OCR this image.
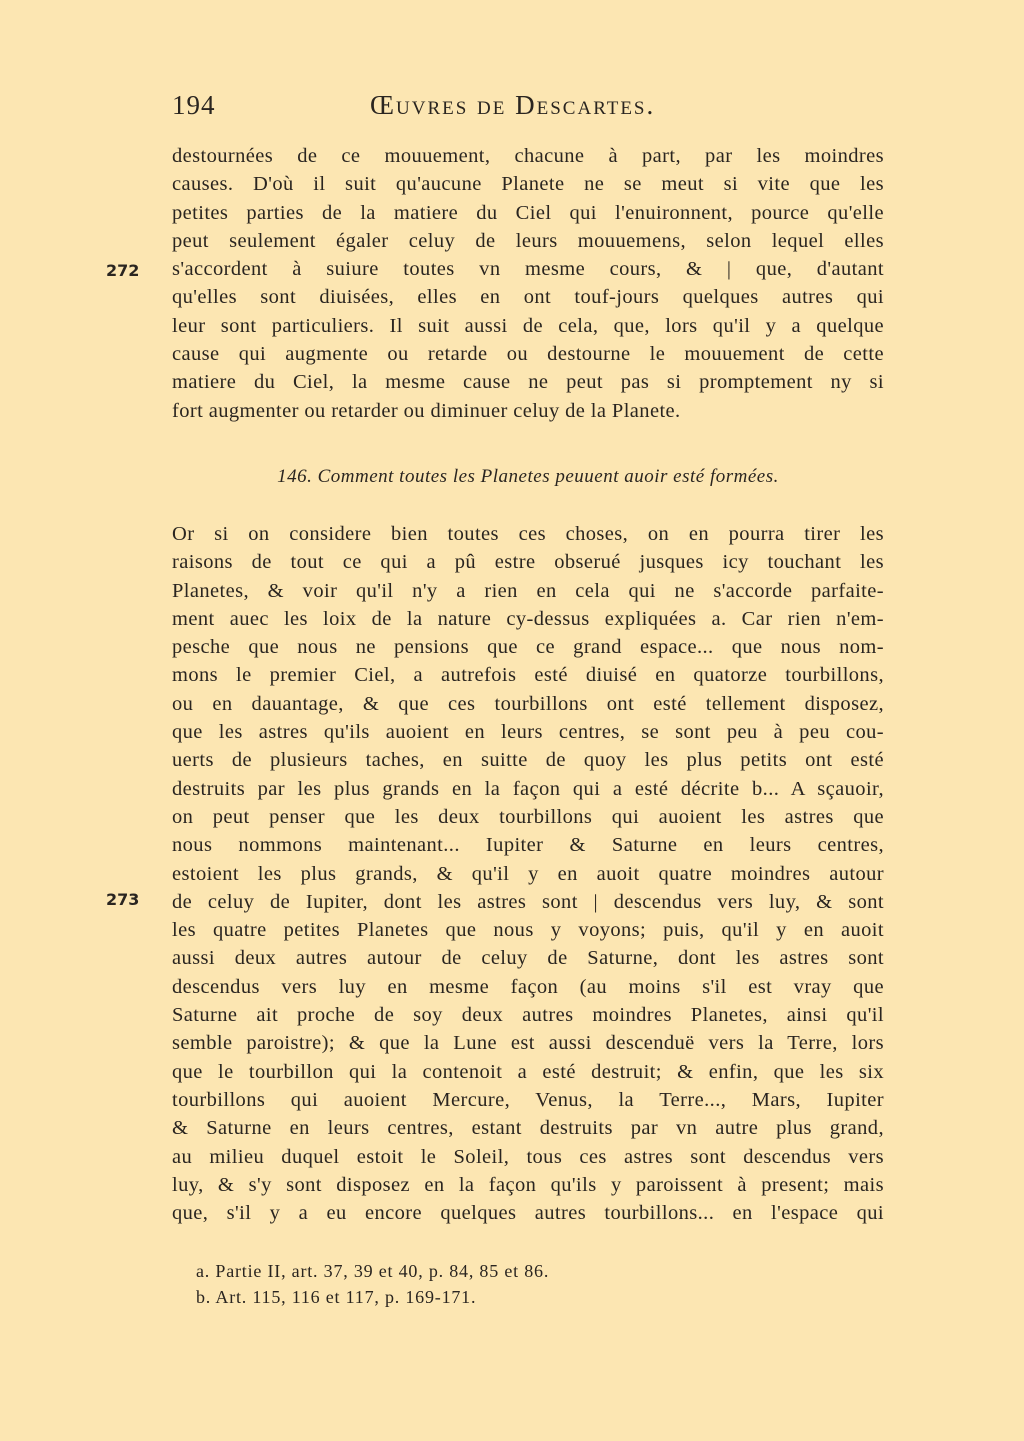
194	Œuvres de Descartes.
destournées de ce mouuement, chacune à part, par les moindres
causes. D'où il suit qu'aucune Planete ne se meut si vite que les
petites parties de la matiere du Ciel qui l'enuironnent, pource qu'elle
peut seulement égaler celuy de leurs mouuemens, selon lequel elles
s'accordent à suiure toutes vn mesme cours, & | que, d'autant
qu'elles sont diuisées, elles en ont touf-jours quelques autres qui
leur sont particuliers. Il suit aussi de cela, que, lors qu'il y a quelque
cause qui augmente ou retarde ou destourne le mouuement de cette
matiere du Ciel, la mesme cause ne peut pas si promptement ny si
fort augmenter ou retarder ou diminuer celuy de la Planete.
272
146. Comment toutes les Planetes peuuent auoir esté formées.
Or si on considere bien toutes ces choses, on en pourra tirer les
raisons de tout ce qui a pû estre obserué jusques icy touchant les
Planetes, & voir qu'il n'y a rien en cela qui ne s'accorde parfaite-
ment auec les loix de la nature cy-dessus expliquées a. Car rien n'em-
pesche que nous ne pensions que ce grand espace... que nous nom-
mons le premier Ciel, a autrefois esté diuisé en quatorze tourbillons,
ou en dauantage, & que ces tourbillons ont esté tellement disposez,
que les astres qu'ils auoient en leurs centres, se sont peu à peu cou-
uerts de plusieurs taches, en suitte de quoy les plus petits ont esté
destruits par les plus grands en la façon qui a esté décrite b... A sçauoir,
on peut penser que les deux tourbillons qui auoient les astres que
nous nommons maintenant... Iupiter & Saturne en leurs centres,
estoient les plus grands, & qu'il y en auoit quatre moindres autour
de celuy de Iupiter, dont les astres sont | descendus vers luy, & sont
les quatre petites Planetes que nous y voyons; puis, qu'il y en auoit
aussi deux autres autour de celuy de Saturne, dont les astres sont
descendus vers luy en mesme façon (au moins s'il est vray que
Saturne ait proche de soy deux autres moindres Planetes, ainsi qu'il
semble paroistre); & que la Lune est aussi descenduë vers la Terre, lors
que le tourbillon qui la contenoit a esté destruit; & enfin, que les six
tourbillons qui auoient Mercure, Venus, la Terre..., Mars, Iupiter
& Saturne en leurs centres, estant destruits par vn autre plus grand,
au milieu duquel estoit le Soleil, tous ces astres sont descendus vers
luy, & s'y sont disposez en la façon qu'ils y paroissent à present; mais
que, s'il y a eu encore quelques autres tourbillons... en l'espace qui
273
a. Partie II, art. 37, 39 et 40, p. 84, 85 et 86.
b. Art. 115, 116 et 117, p. 169-171.
